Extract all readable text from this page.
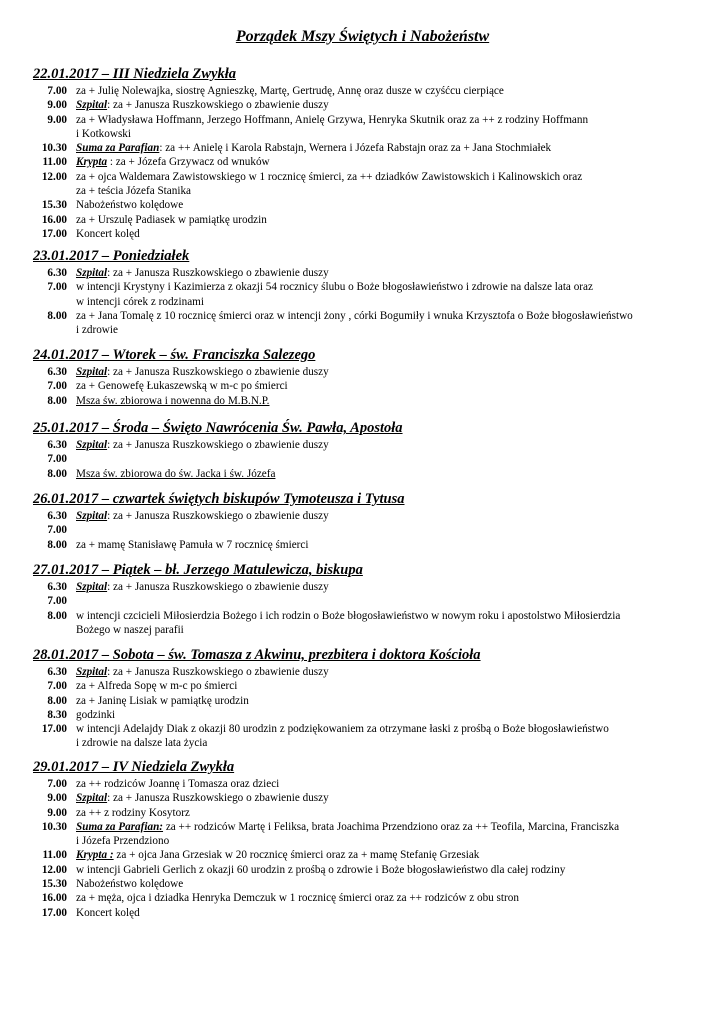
Porządek Mszy Świętych i Nabożeństw
22.01.2017 – III Niedziela Zwykła
7.00 za + Julię Nolewajka, siostrę Agnieszkę, Martę, Gertrudę, Annę oraz dusze w czyśćcu cierpiące
9.00 Szpital: za + Janusza Ruszkowskiego o zbawienie duszy
9.00 za + Władysława Hoffmann, Jerzego Hoffmann, Anielę Grzywa, Henryka Skutnik oraz za ++ z rodziny Hoffmann
i Kotkowski
10.30 Suma za Parafian: za ++ Anielę i Karola Rabstajn, Wernera i Józefa Rabstajn oraz za + Jana Stochmiałek
11.00 Krypta : za + Józefa Grzywacz od wnuków
12.00 za + ojca Waldemara Zawistowskiego w 1 rocznicę śmierci, za ++ dziadków Zawistowskich i Kalinowskich oraz
za + teścia Józefa Stanika
15.30 Nabożeństwo kolędowe
16.00 za + Urszulę Padiasek w pamiątkę urodzin
17.00 Koncert kolęd
23.01.2017 – Poniedziałek
6.30 Szpital: za + Janusza Ruszkowskiego o zbawienie duszy
7.00 w intencji Krystyny i Kazimierza z okazji 54 rocznicy ślubu o Boże błogosławieństwo i zdrowie na dalsze lata oraz
w intencji córek z rodzinami
8.00 za + Jana Tomalę z 10 rocznicę śmierci oraz w intencji żony , córki Bogumiły i wnuka Krzysztofa o Boże błogosławieństwo
i zdrowie
24.01.2017 – Wtorek – św. Franciszka Salezego
6.30 Szpital: za + Janusza Ruszkowskiego o zbawienie duszy
7.00 za + Genowefę Łukaszewską w m-c po śmierci
8.00 Msza św. zbiorowa i nowenna do M.B.N.P.
25.01.2017 – Środa – Święto Nawrócenia Św. Pawła, Apostoła
6.30 Szpital: za + Janusza Ruszkowskiego o zbawienie duszy
7.00

8.00 Msza św. zbiorowa do św. Jacka i św. Józefa
26.01.2017 – czwartek świętych biskupów Tymoteusza i Tytusa
6.30 Szpital: za + Janusza Ruszkowskiego o zbawienie duszy
7.00

8.00 za + mamę Stanisławę Pamuła w 7 rocznicę śmierci
27.01.2017 – Piątek – bł. Jerzego Matulewicza, biskupa
6.30 Szpital: za + Janusza Ruszkowskiego o zbawienie duszy
7.00

8.00 w intencji czcicieli Miłosierdzia Bożego i ich rodzin o Boże błogosławieństwo w nowym roku i apostolstwo Miłosierdzia
Bożego w naszej parafii
28.01.2017 – Sobota – św. Tomasza z Akwinu, prezbitera i doktora Kościoła
6.30 Szpital: za + Janusza Ruszkowskiego o zbawienie duszy
7.00 za + Alfreda Sopę w m-c po śmierci
8.00 za + Janinę Lisiak w pamiątkę urodzin
8.30 godzinki
17.00 w intencji Adelajdy Diak z okazji 80 urodzin z podziękowaniem za otrzymane łaski z prośbą o Boże błogosławieństwo
i zdrowie na dalsze lata życia
29.01.2017 – IV Niedziela Zwykła
7.00 za ++ rodziców Joannę i Tomasza oraz dzieci
9.00 Szpital: za + Janusza Ruszkowskiego o zbawienie duszy
9.00 za ++ z rodziny Kosytorz
10.30 Suma za Parafian: za ++ rodziców Martę i Feliksa, brata Joachima Przendziono oraz za ++ Teofila, Marcina, Franciszka
i Józefa Przendziono
11.00 Krypta : za + ojca Jana Grzesiak w 20 rocznicę śmierci oraz za + mamę Stefanię Grzesiak
12.00 w intencji Gabrieli Gerlich z okazji 60 urodzin z prośbą o zdrowie i Boże błogosławieństwo dla całej rodziny
15.30 Nabożeństwo kolędowe
16.00 za + męża, ojca i dziadka Henryka Demczuk w 1 rocznicę śmierci oraz za ++ rodziców z obu stron
17.00 Koncert kolęd
